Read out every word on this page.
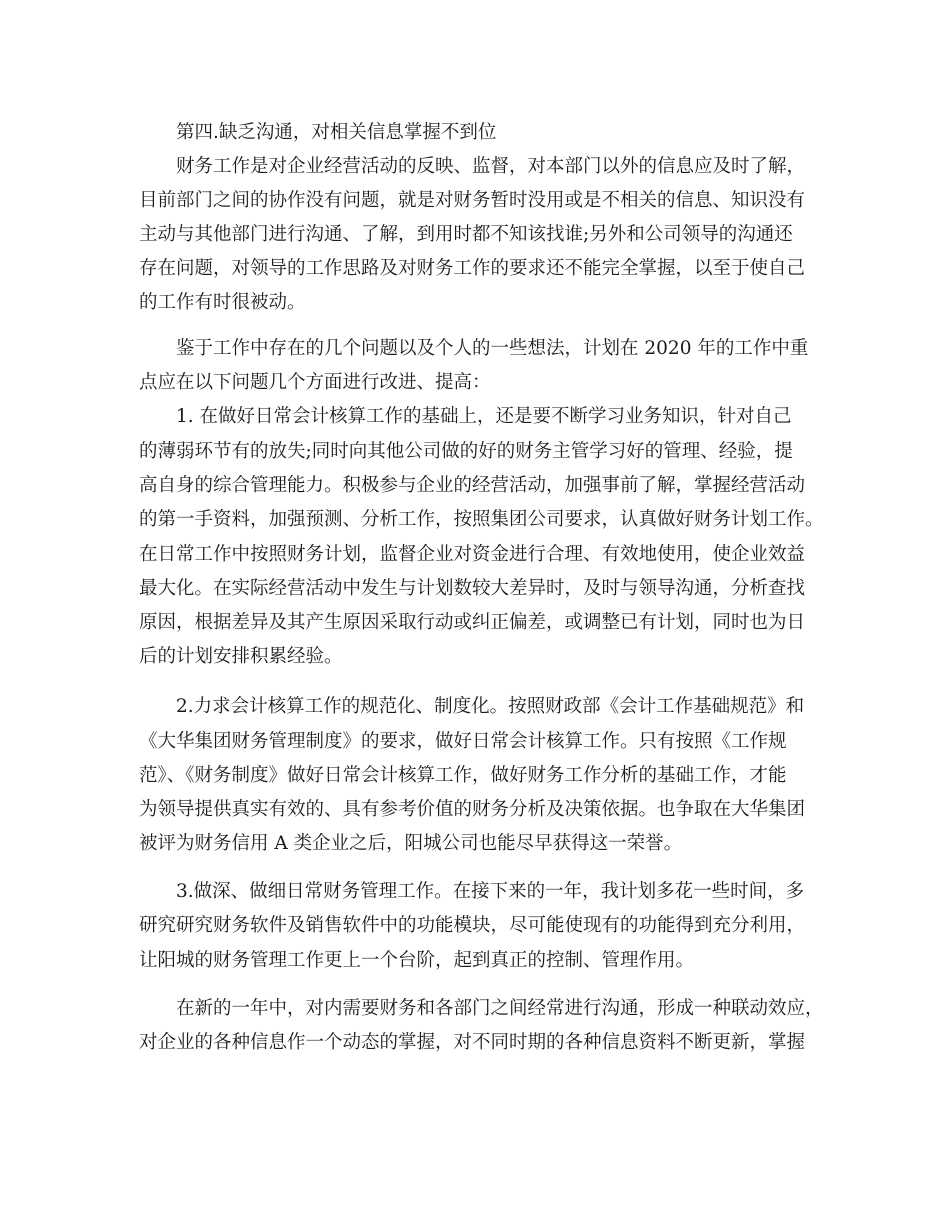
第四.缺乏沟通，对相关信息掌握不到位
财务工作是对企业经营活动的反映、监督，对本部门以外的信息应及时了解，
目前部门之间的协作没有问题，就是对财务暂时没用或是不相关的信息、知识没有
主动与其他部门进行沟通、了解，到用时都不知该找谁;另外和公司领导的沟通还
存在问题，对领导的工作思路及对财务工作的要求还不能完全掌握，以至于使自己
的工作有时很被动。
鉴于工作中存在的几个问题以及个人的一些想法，计划在 2020 年的工作中重
点应在以下问题几个方面进行改进、提高：
1. 在做好日常会计核算工作的基础上，还是要不断学习业务知识，针对自己
的薄弱环节有的放失;同时向其他公司做的好的财务主管学习好的管理、经验，提
高自身的综合管理能力。积极参与企业的经营活动，加强事前了解，掌握经营活动
的第一手资料，加强预测、分析工作，按照集团公司要求，认真做好财务计划工作。
在日常工作中按照财务计划，监督企业对资金进行合理、有效地使用，使企业效益
最大化。在实际经营活动中发生与计划数较大差异时，及时与领导沟通，分析查找
原因，根据差异及其产生原因采取行动或纠正偏差，或调整已有计划，同时也为日
后的计划安排积累经验。
2.力求会计核算工作的规范化、制度化。按照财政部《会计工作基础规范》和
《大华集团财务管理制度》的要求，做好日常会计核算工作。只有按照《工作规
范》、《财务制度》做好日常会计核算工作，做好财务工作分析的基础工作，才能
为领导提供真实有效的、具有参考价值的财务分析及决策依据。也争取在大华集团
被评为财务信用 A 类企业之后，阳城公司也能尽早获得这一荣誉。
3.做深、做细日常财务管理工作。在接下来的一年，我计划多花一些时间，多
研究研究财务软件及销售软件中的功能模块，尽可能使现有的功能得到充分利用，
让阳城的财务管理工作更上一个台阶，起到真正的控制、管理作用。
在新的一年中，对内需要财务和各部门之间经常进行沟通，形成一种联动效应，
对企业的各种信息作一个动态的掌握，对不同时期的各种信息资料不断更新，掌握
